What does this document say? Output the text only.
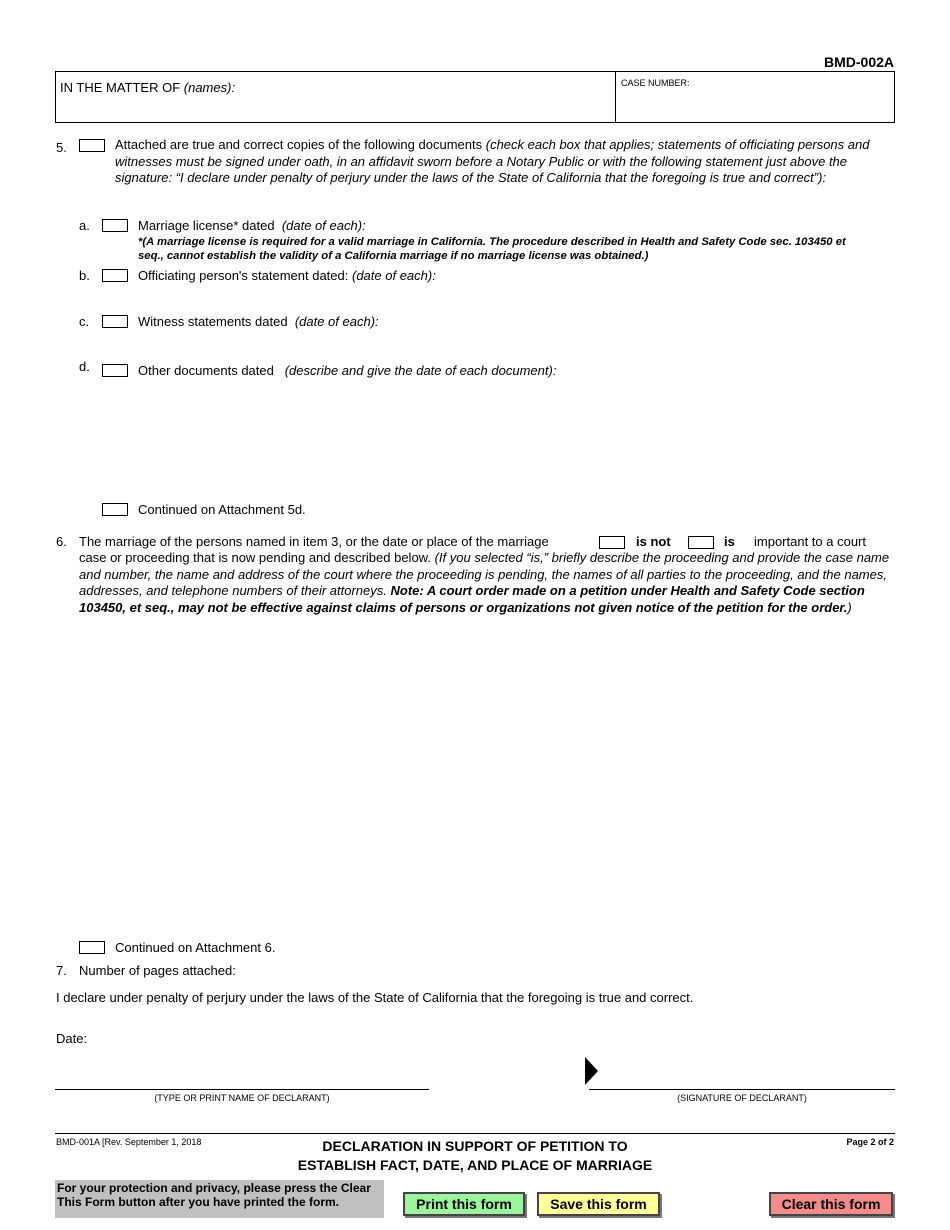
BMD-002A
IN THE MATTER OF (names):	CASE NUMBER:
5.	Attached are true and correct copies of the following documents (check each box that applies; statements of officiating persons and witnesses must be signed under oath, in an affidavit sworn before a Notary Public or with the following statement just above the signature: “I declare under penalty of perjury under the laws of the State of California that the foregoing is true and correct”):
a.	Marriage license* dated (date of each):
*(A marriage license is required for a valid marriage in California. The procedure described in Health and Safety Code sec. 103450 et seq., cannot establish the validity of a California marriage if no marriage license was obtained.)
b.	Officiating person's statement dated: (date of each):
c.	Witness statements dated (date of each):
d.	Other documents dated (describe and give the date of each document):
Continued on Attachment 5d.
6. The marriage of the persons named in item 3, or the date or place of the marriage	is not	is important to a court
case or proceeding that is now pending and described below. (If you selected “is,” briefly describe the proceeding and provide the case name and number, the name and address of the court where the proceeding is pending, the names of all parties to the proceeding, and the names, addresses, and telephone numbers of their attorneys. Note: A court order made on a petition under Health and Safety Code section 103450, et seq., may not be effective against claims of persons or organizations not given notice of the petition for the order.)
Continued on Attachment 6.
7. Number of pages attached:
I declare under penalty of perjury under the laws of the State of California that the foregoing is true and correct.
Date:
(TYPE OR PRINT NAME OF DECLARANT)	(SIGNATURE OF DECLARANT)
BMD-001A [Rev. September 1, 2018	DECLARATION IN SUPPORT OF PETITION TO
ESTABLISH FACT, DATE, AND PLACE OF MARRIAGE
Page 2 of 2
For your protection and privacy, please press the Clear This Form button after you have printed the form.	Print this form	Save this form	Clear this form
